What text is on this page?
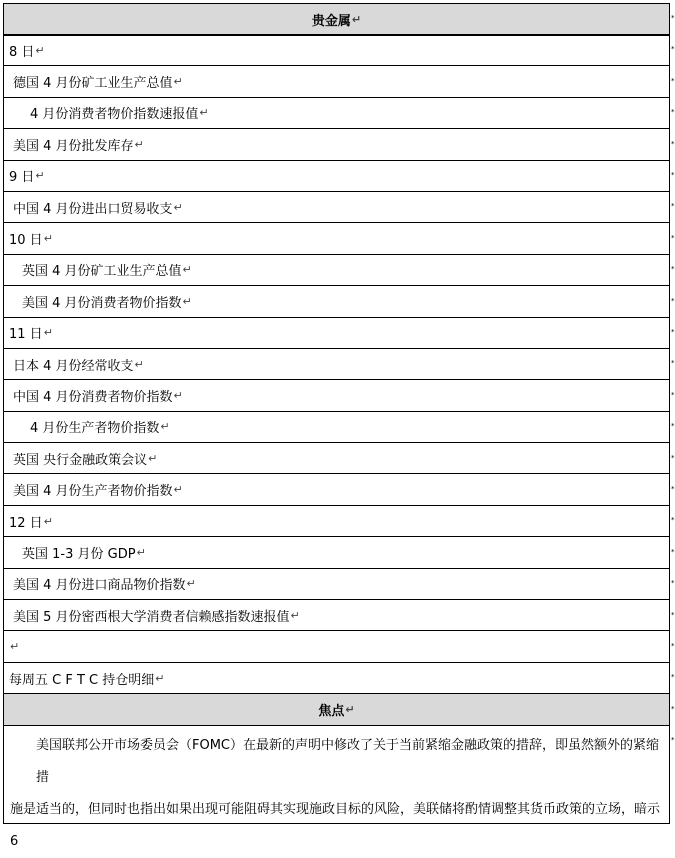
贵金属 ↵
8 日 ↵
德国 4 月份矿工业生产总值 ↵
4 月份消费者物价指数速报值 ↵
美国 4 月份批发库存 ↵
9 日 ↵
中国 4 月份进出口贸易收支 ↵
10 日 ↵
英国 4 月份矿工业生产总值 ↵
美国 4 月份消费者物价指数 ↵
11 日 ↵
日本 4 月份经常收支 ↵
中国 4 月份消费者物价指数 ↵
4 月份生产者物价指数 ↵
英国 央行金融政策会议 ↵
美国 4 月份生产者物价指数 ↵
12 日 ↵
英国 1-3 月份 GDP ↵
美国 4 月份进口商品物价指数 ↵
美国 5 月份密西根大学消费者信赖感指数速报值 ↵
↵
每周五 C F T C 持仓明细 ↵
焦点 ↵

美国联邦公开市场委员会（FOMC）在最新的声明中修改了关于当前紧缩金融政策的措辞，即虽然额外的紧缩措

施是适当的，但同时也指出如果出现可能阻碍其实现施政目标的风险，美联储将酌情调整其货币政策的立场，暗示 6

*
*
*
*
*
*
*
*
*
*
*
*
*
*
*
*
*
*
*
*
*
*
*
*
